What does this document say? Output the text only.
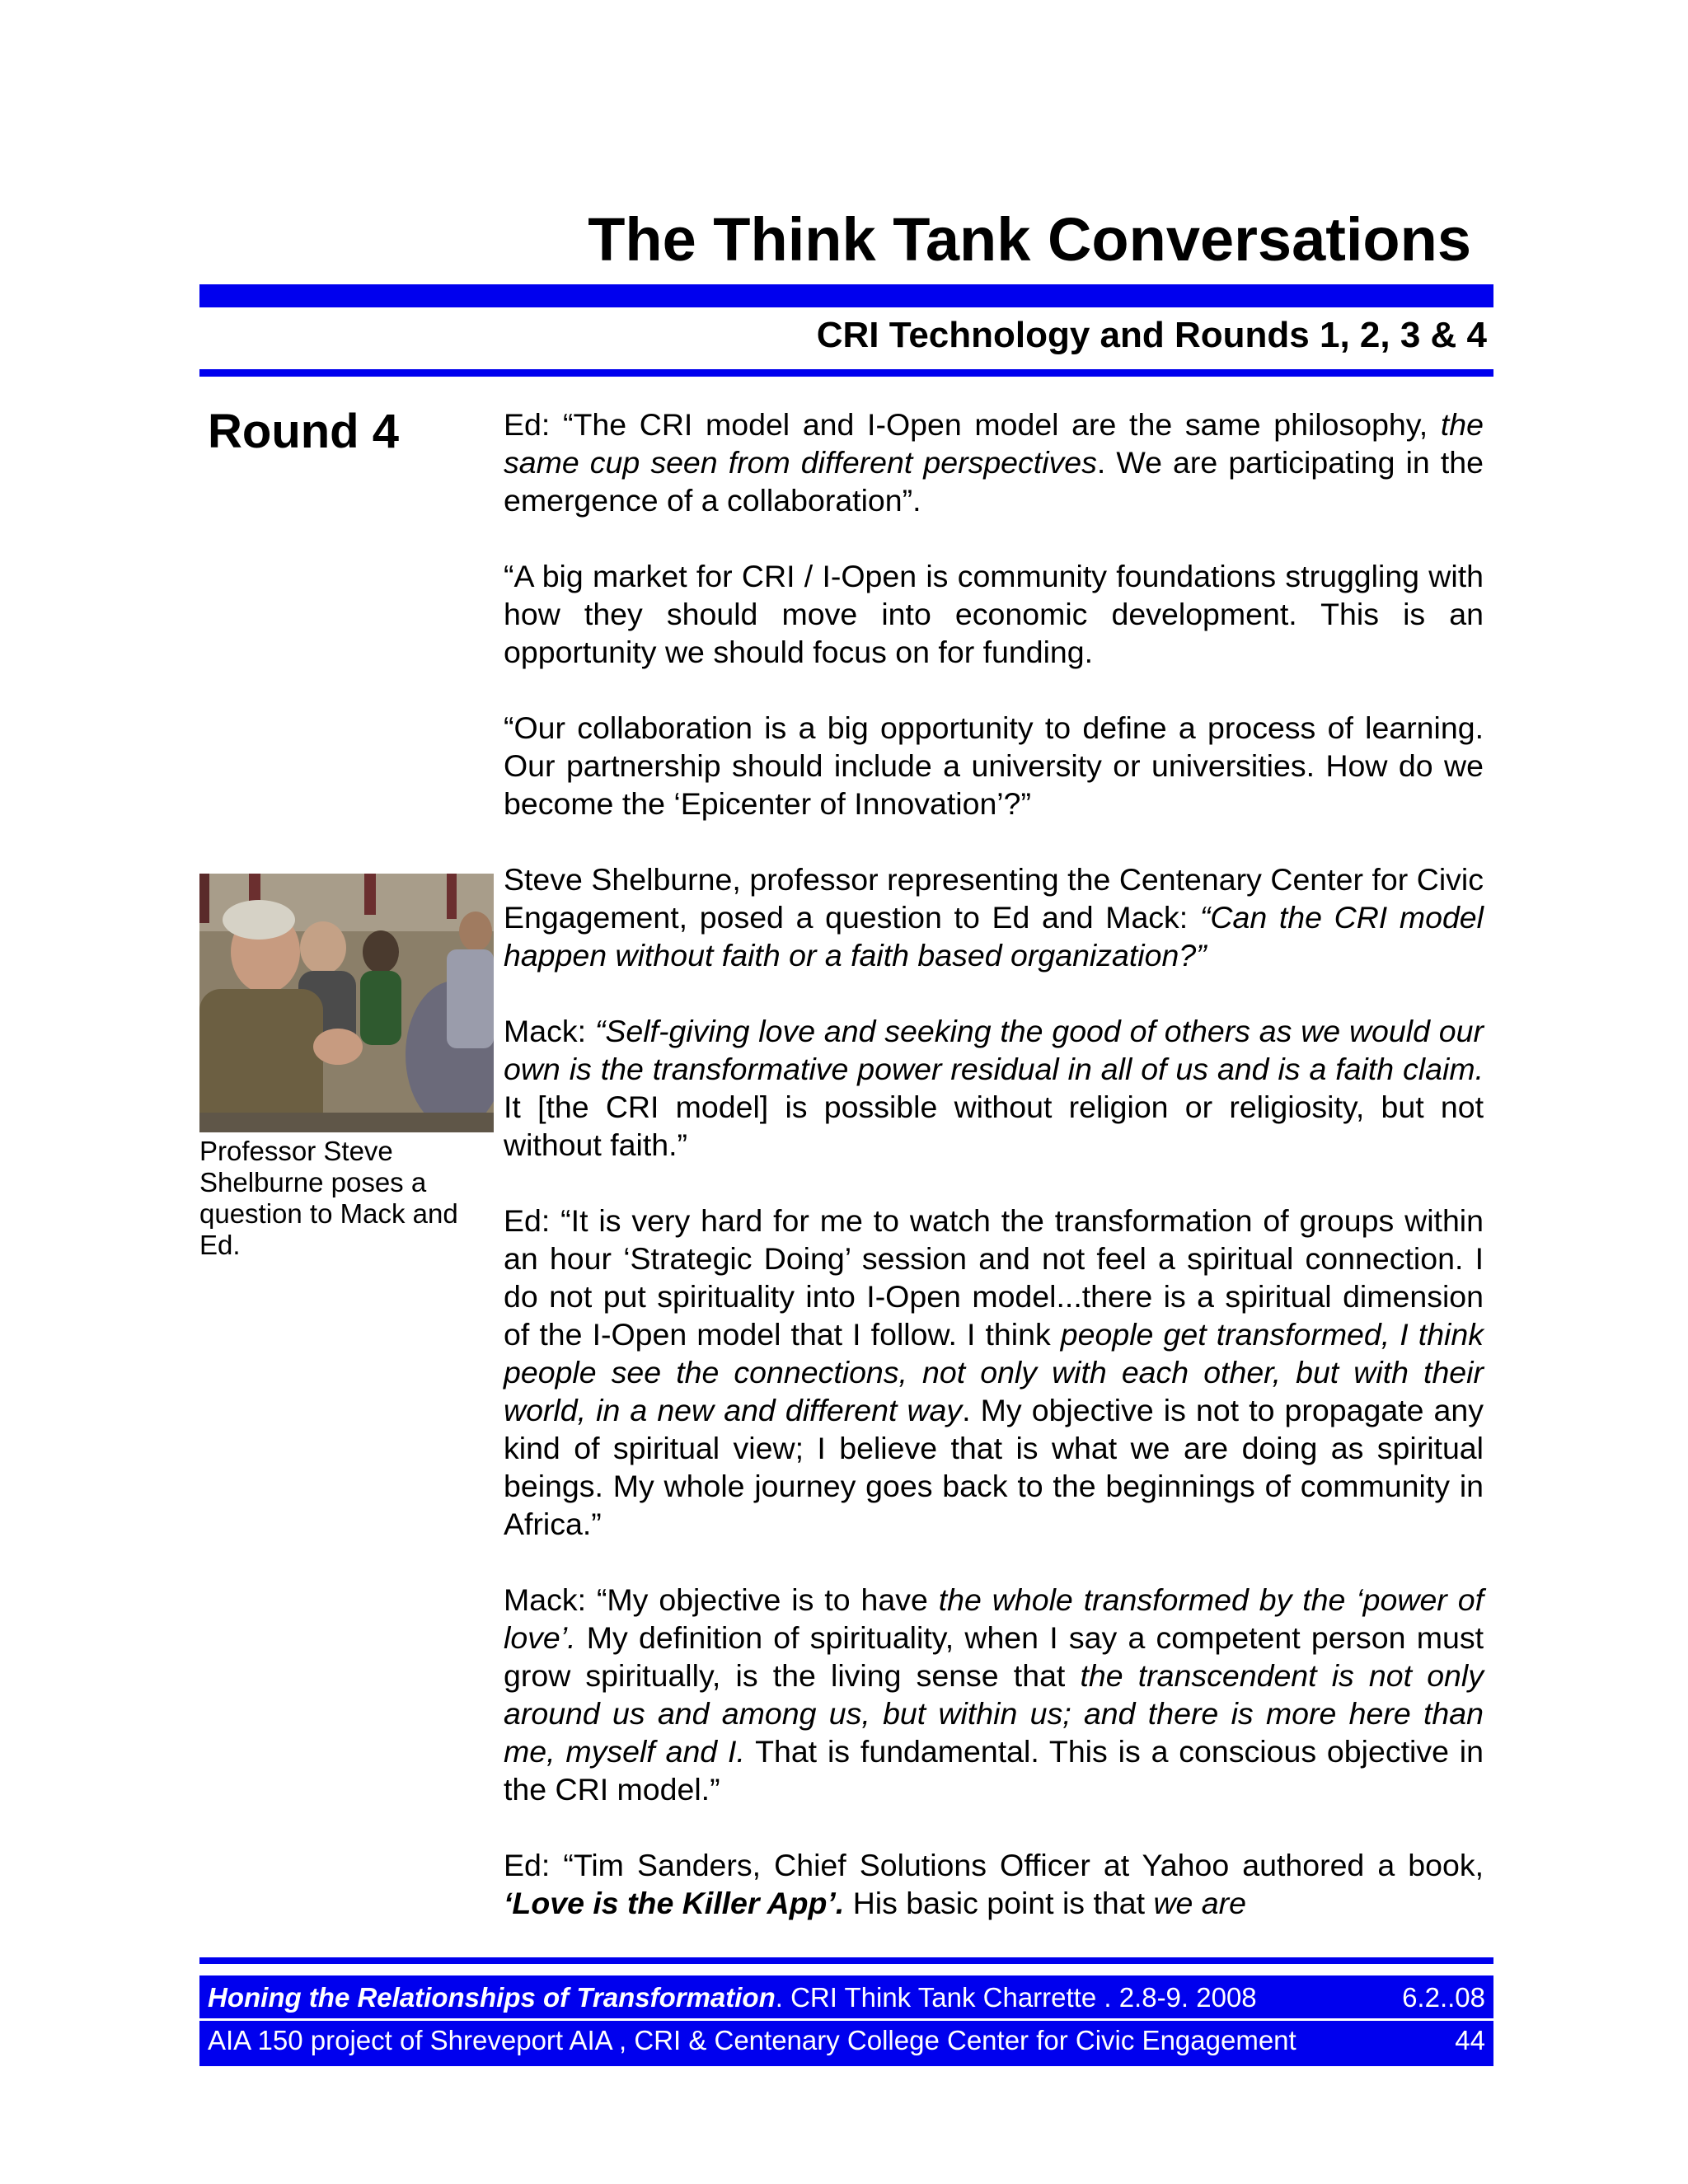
The Think Tank Conversations
CRI Technology and Rounds 1, 2, 3 & 4
Round 4
Professor Steve Shelburne poses a question to Mack and Ed.

Ed: “The CRI model and I-Open model are the same philosophy, the same cup seen from different perspectives. We are participating in the emergence of a collaboration”.

“A big market for CRI / I-Open is community foundations struggling with how they should move into economic development. This is an opportunity we should focus on for funding.

“Our collaboration is a big opportunity to define a process of learning. Our partnership should include a university or universities. How do we become the ‘Epicenter of Innovation’?”

Steve Shelburne, professor representing the Centenary Center for Civic Engagement, posed a question to Ed and Mack: “Can the CRI model happen without faith or a faith based organization?”

Mack: “Self-giving love and seeking the good of others as we would our own is the transformative power residual in all of us and is a faith claim. It [the CRI model] is possible without religion or religiosity, but not without faith.”

Ed: “It is very hard for me to watch the transformation of groups within an hour ‘Strategic Doing’ session and not feel a spiritual connection. I do not put spirituality into I-Open model...there is a spiritual dimension of the I-Open model that I follow. I think people get transformed, I think people see the connections, not only with each other, but with their world, in a new and different way. My objective is not to propagate any kind of spiritual view; I believe that is what we are doing as spiritual beings. My whole journey goes back to the beginnings of community in Africa.”

Mack: “My objective is to have the whole transformed by the ‘power of love’. My definition of spirituality, when I say a competent person must grow spiritually, is the living sense that the transcendent is not only around us and among us, but within us; and there is more here than me, myself and I. That is fundamental. This is a conscious objective in the CRI model.”

Ed: “Tim Sanders, Chief Solutions Officer at Yahoo authored a book, ‘Love is the Killer App’. His basic point is that we are

Honing the Relationships of Transformation. CRI Think Tank Charrette . 2.8-9. 2008	6.2..08
AIA 150 project of Shreveport AIA , CRI & Centenary College Center for Civic Engagement	44
